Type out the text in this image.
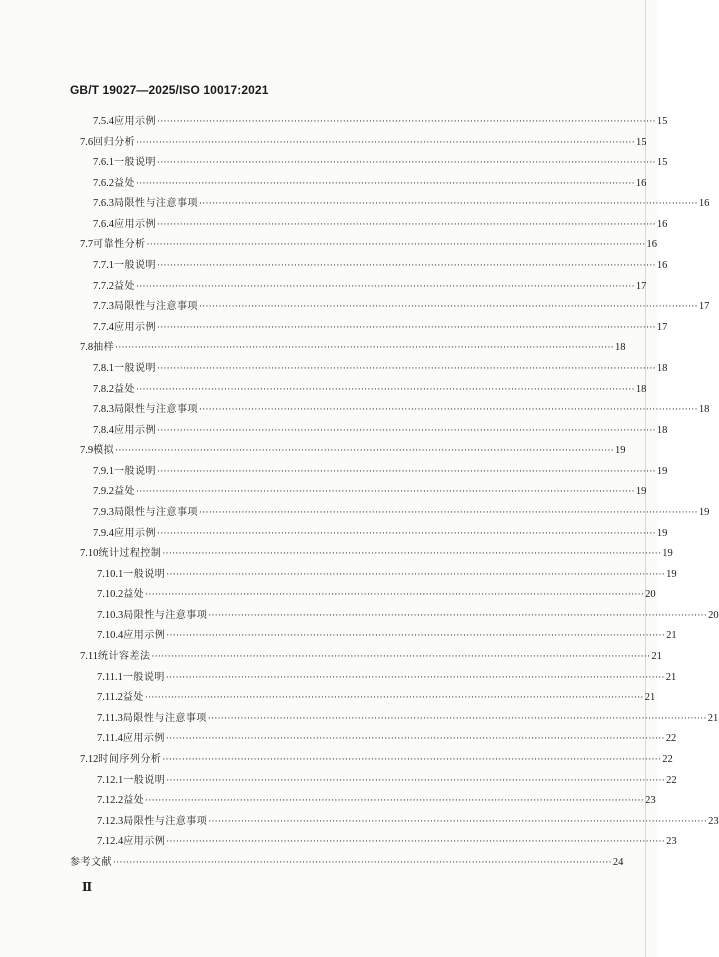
GB/T 19027—2025/ISO 10017:2021
7.5.4 应用示例 ························································································································································· 15
7.6 回归分析 ························································································································································· 15
7.6.1 一般说明 ························································································································································· 15
7.6.2 益处 ························································································································································· 16
7.6.3 局限性与注意事项 ························································································································································· 16
7.6.4 应用示例 ························································································································································· 16
7.7 可靠性分析 ························································································································································· 16
7.7.1 一般说明 ························································································································································· 16
7.7.2 益处 ························································································································································· 17
7.7.3 局限性与注意事项 ························································································································································· 17
7.7.4 应用示例 ························································································································································· 17
7.8 抽样 ························································································································································· 18
7.8.1 一般说明 ························································································································································· 18
7.8.2 益处 ························································································································································· 18
7.8.3 局限性与注意事项 ························································································································································· 18
7.8.4 应用示例 ························································································································································· 18
7.9 模拟 ························································································································································· 19
7.9.1 一般说明 ························································································································································· 19
7.9.2 益处 ························································································································································· 19
7.9.3 局限性与注意事项 ························································································································································· 19
7.9.4 应用示例 ························································································································································· 19
7.10 统计过程控制 ························································································································································· 19
7.10.1 一般说明 ························································································································································· 19
7.10.2 益处 ························································································································································· 20
7.10.3 局限性与注意事项 ························································································································································· 20
7.10.4 应用示例 ························································································································································· 21
7.11 统计容差法 ························································································································································· 21
7.11.1 一般说明 ························································································································································· 21
7.11.2 益处 ························································································································································· 21
7.11.3 局限性与注意事项 ························································································································································· 21
7.11.4 应用示例 ························································································································································· 22
7.12 时间序列分析 ························································································································································· 22
7.12.1 一般说明 ························································································································································· 22
7.12.2 益处 ························································································································································· 23
7.12.3 局限性与注意事项 ························································································································································· 23
7.12.4 应用示例 ························································································································································· 23
参考文献 ························································································································································· 24
Ⅱ
